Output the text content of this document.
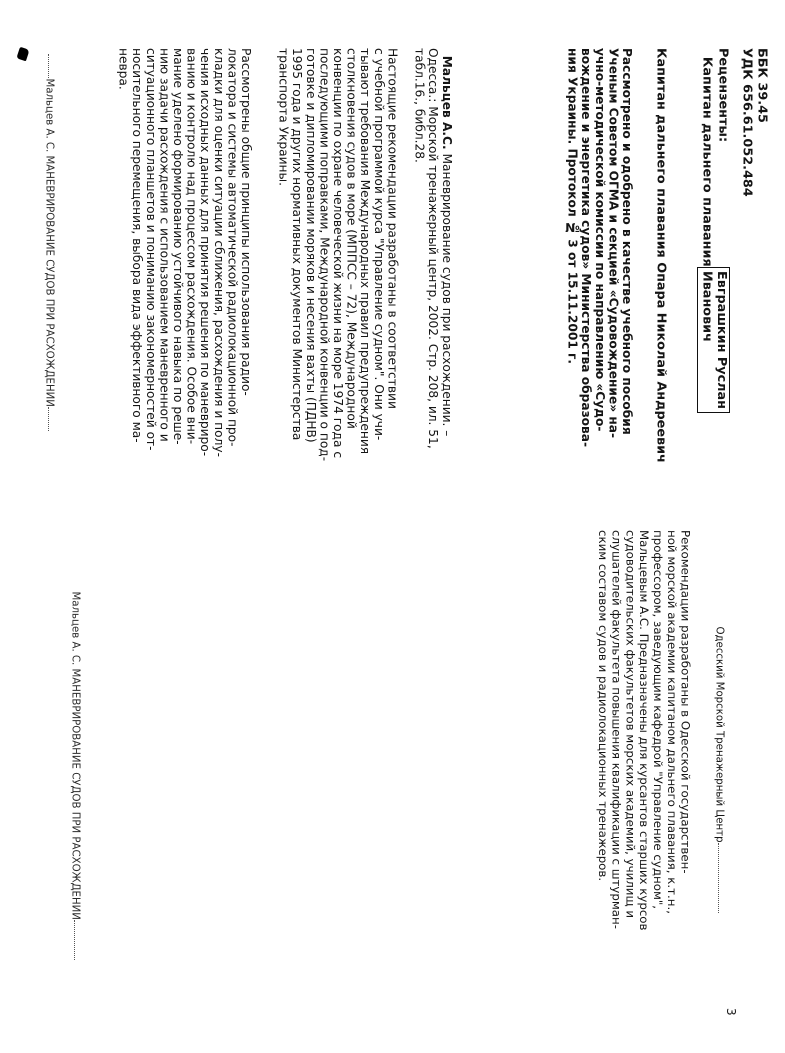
3

Одесский Морской Тренажерный Центр

Рекомендации разработаны в Одесской государствен-
ной морской академии капитаном дальнего плавания, к.т.н.,
профессором, заведующим кафедрой "Управление судном",
Мальцевым А.С. Предназначены для курсантов старших курсов
судоводительских факультетов морских академий, училищ и
слушателей факультета повышения квалификации с штурман-
ским составом судов и радиолокационных тренажеров.

Мальцев А. С. МАНЕВРИРОВАНИЕ СУДОВ ПРИ РАСХОЖДЕНИИ

ББК 39.45
УДК 656.61.052.484
Рецензенты:

Капитан дальнего плаванияЕвграшкин Руслан
Иванович

Капитан дальнего плавания Опара Николай Андреевич
Рассмотрено и одобрено в качестве учебного пособия
Ученым Советом ОГМА и секцией «Судовождение» на-
учно-методической комиссии по направлению «Судо-
вождение и энергетика судов» Министерства образова-
ния Украины. Протокол № 3 от 15.11.2001 г.

Мальцев А.С. Маневрирование судов при расхождении. –
Одесса.: Морской тренажерный центр, 2002. Стр. 208, ил. 51,
табл.16., библ.28.

Настоящие рекомендации разработаны в соответствии
с учебной программой курса "Управление судном". Они учи-
тывают требования Международных правил предупреждения
столкновения судов в море (МППСС – 72), Международной
конвенции по охране человеческой жизни на море 1974 года с
последующими поправками, Международной конвенции о под-
готовке и дипломировании моряков и несения вахты (ПДНВ)
1995 года и других нормативных документов Министерства
транспорта Украины.
Рассмотрены общие принципы использования радио-
локатора и системы автоматической радиолокационной про-
кладки для оценки ситуации сближения, расхождения и полу-
чения исходных данных для принятия решения по маневриро-
ванию и контролю над процессом расхождения. Особое вни-
мание уделено формированию устойчивого навыка по реше-
нию задачи расхождения с использованием маневренного и
ситуационного планшетов и пониманию закономерностей от-
носительного перемещения, выбора вида эффективного ма-
невра.

Мальцев А. С. МАНЕВРИРОВАНИЕ СУДОВ ПРИ РАСХОЖДЕНИИ
